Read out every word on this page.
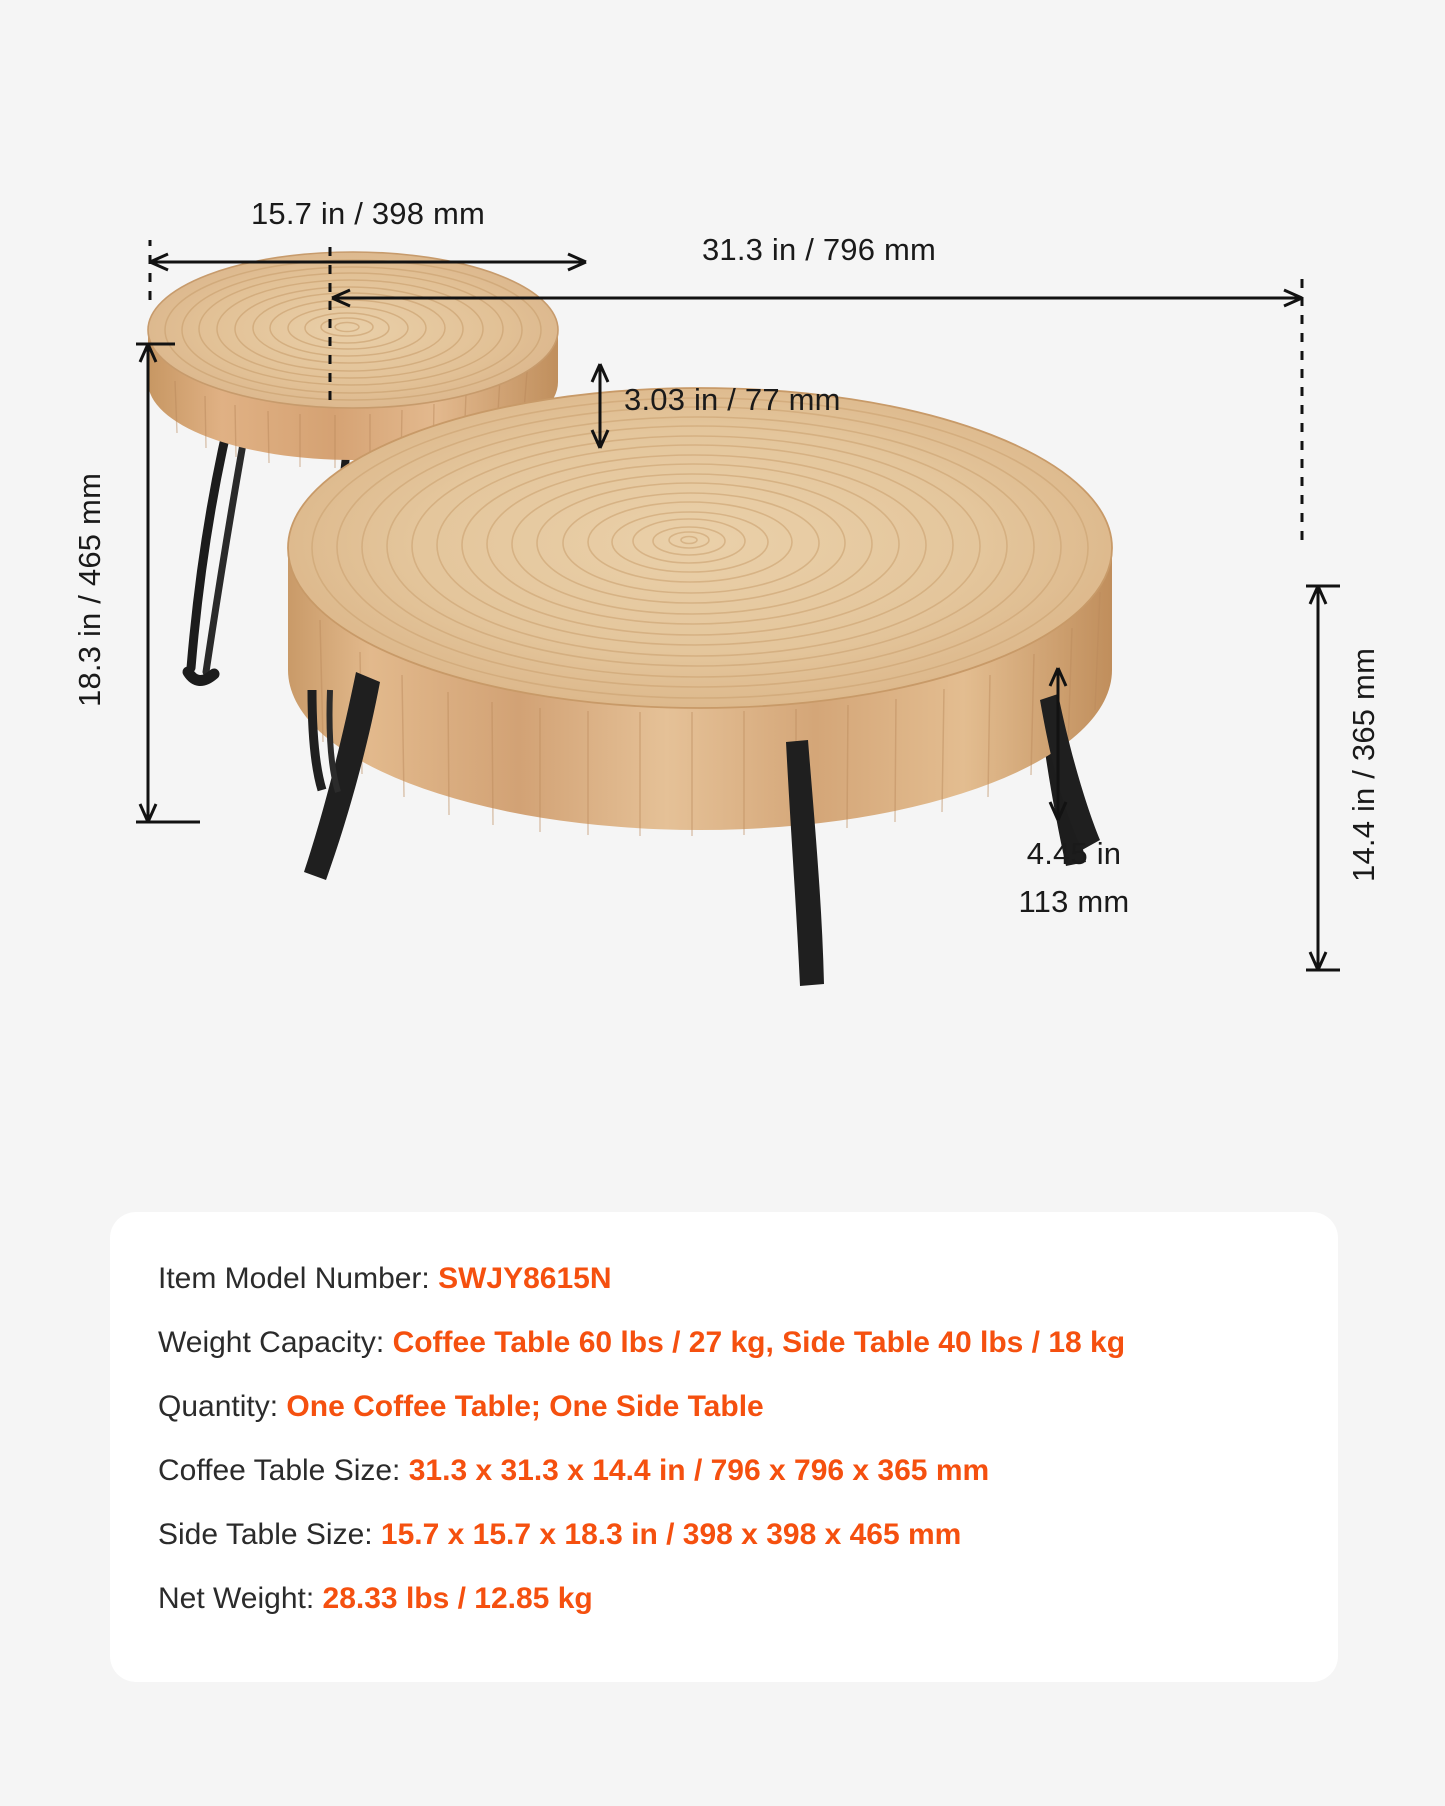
15.7 in / 398 mm
31.3 in / 796 mm
3.03 in / 77 mm
18.3 in / 465 mm
14.4 in / 365 mm
4.45 in
113 mm
Item Model Number: SWJY8615N
Weight Capacity: Coffee Table 60 lbs / 27 kg, Side Table 40 lbs / 18 kg
Quantity: One Coffee Table; One Side Table
Coffee Table Size: 31.3 x 31.3 x 14.4 in / 796 x 796 x 365 mm
Side Table Size: 15.7 x 15.7 x 18.3 in / 398 x 398 x 465 mm
Net Weight: 28.33 lbs / 12.85 kg
